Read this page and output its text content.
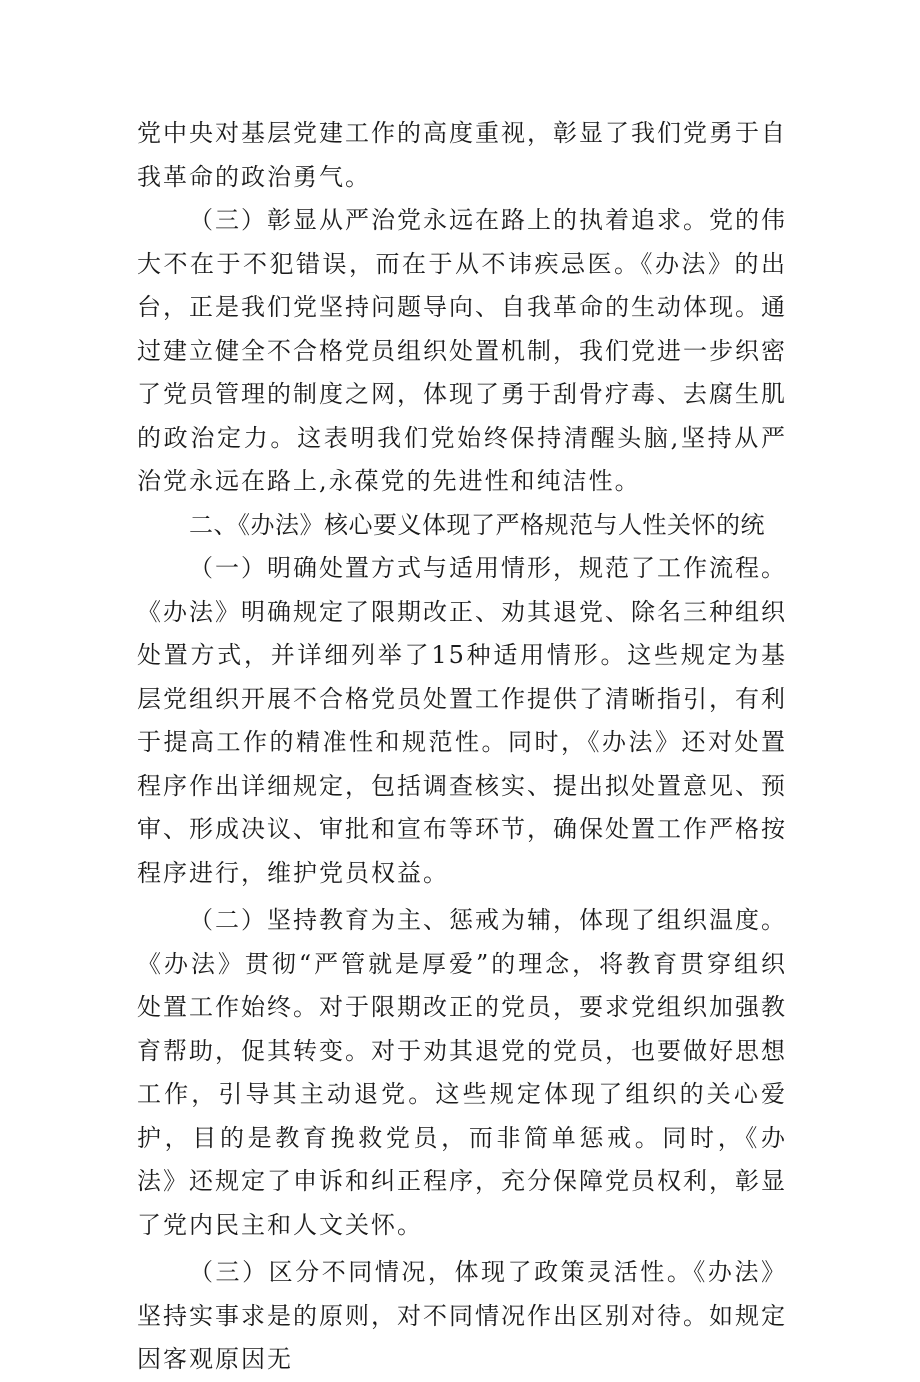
党中央对基层党建工作的高度重视，彰显了我们党勇于自我革命的政治勇气。

（三）彰显从严治党永远在路上的执着追求。党的伟大不在于不犯错误，而在于从不讳疾忌医。《办法》的出台，正是我们党坚持问题导向、自我革命的生动体现。通过建立健全不合格党员组织处置机制，我们党进一步织密了党员管理的制度之网，体现了勇于刮骨疗毒、去腐生肌的政治定力。这表明我们党始终保持清醒头脑,坚持从严治党永远在路上,永葆党的先进性和纯洁性。

二、《办法》核心要义体现了严格规范与人性关怀的统

（一）明确处置方式与适用情形，规范了工作流程。《办法》明确规定了限期改正、劝其退党、除名三种组织处置方式，并详细列举了15种适用情形。这些规定为基层党组织开展不合格党员处置工作提供了清晰指引，有利于提高工作的精准性和规范性。同时，《办法》还对处置程序作出详细规定，包括调查核实、提出拟处置意见、预审、形成决议、审批和宣布等环节，确保处置工作严格按程序进行，维护党员权益。

（二）坚持教育为主、惩戒为辅，体现了组织温度。《办法》贯彻“严管就是厚爱”的理念，将教育贯穿组织处置工作始终。对于限期改正的党员，要求党组织加强教育帮助，促其转变。对于劝其退党的党员，也要做好思想工作，引导其主动退党。这些规定体现了组织的关心爱护，目的是教育挽救党员，而非简单惩戒。同时，《办法》还规定了申诉和纠正程序，充分保障党员权利，彰显了党内民主和人文关怀。

（三）区分不同情况，体现了政策灵活性。《办法》坚持实事求是的原则，对不同情况作出区别对待。如规定因客观原因无
